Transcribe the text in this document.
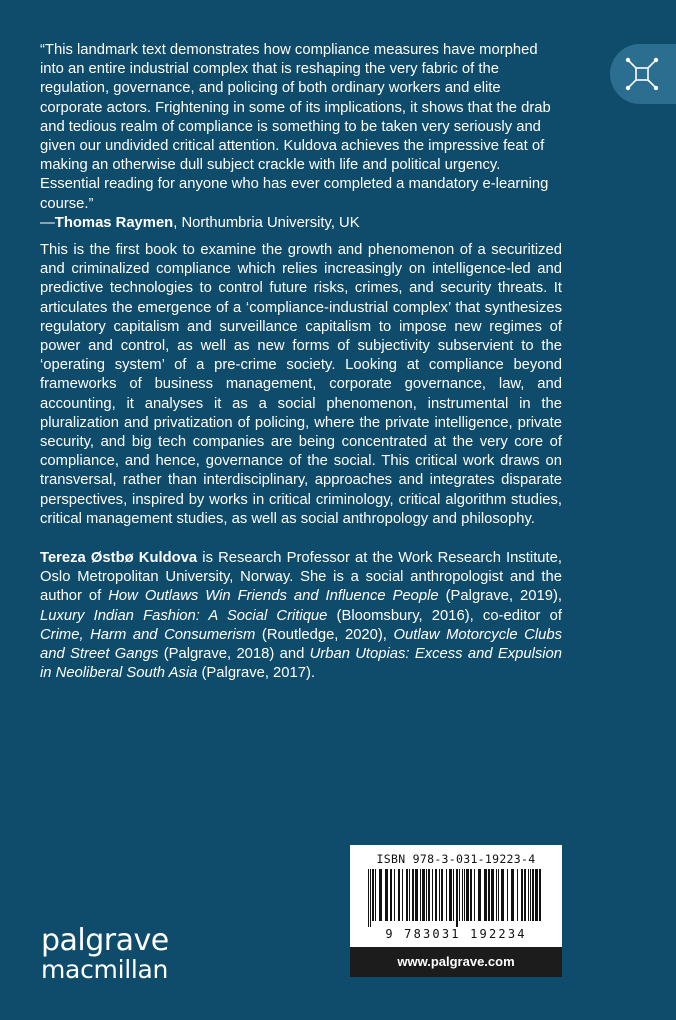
“This landmark text demonstrates how compliance measures have morphed into an entire industrial complex that is reshaping the very fabric of the regulation, governance, and policing of both ordinary workers and elite corporate actors. Frightening in some of its implications, it shows that the drab and tedious realm of compliance is something to be taken very seriously and given our undivided critical attention. Kuldova achieves the impressive feat of making an otherwise dull subject crackle with life and political urgency. Essential reading for anyone who has ever completed a mandatory e-learning course.”
—Thomas Raymen, Northumbria University, UK

This is the first book to examine the growth and phenomenon of a securitized and criminalized compliance which relies increasingly on intelligence-led and predictive technologies to control future risks, crimes, and security threats. It articulates the emergence of a ‘compliance-industrial complex’ that synthesizes regulatory capitalism and surveillance capitalism to impose new regimes of power and control, as well as new forms of subjectivity subservient to the ‘operating system’ of a pre-crime society. Looking at compliance beyond frameworks of business management, corporate governance, law, and accounting, it analyses it as a social phenomenon, instrumental in the pluralization and privatization of policing, where the private intelligence, private security, and big tech companies are being concentrated at the very core of compliance, and hence, governance of the social. This critical work draws on transversal, rather than interdisciplinary, approaches and integrates disparate perspectives, inspired by works in critical criminology, critical algorithm studies, critical management studies, as well as social anthropology and philosophy.

Tereza Østbø Kuldova is Research Professor at the Work Research Institute, Oslo Metropolitan University, Norway. She is a social anthropologist and the author of How Outlaws Win Friends and Influence People (Palgrave, 2019), Luxury Indian Fashion: A Social Critique (Bloomsbury, 2016), co-editor of Crime, Harm and Consumerism (Routledge, 2020), Outlaw Motorcycle Clubs and Street Gangs (Palgrave, 2018) and Urban Utopias: Excess and Expulsion in Neoliberal South Asia (Palgrave, 2017).

palgrave
macmillan
ISBN 978-3-031-19223-4
9 783031 192234
www.palgrave.com
